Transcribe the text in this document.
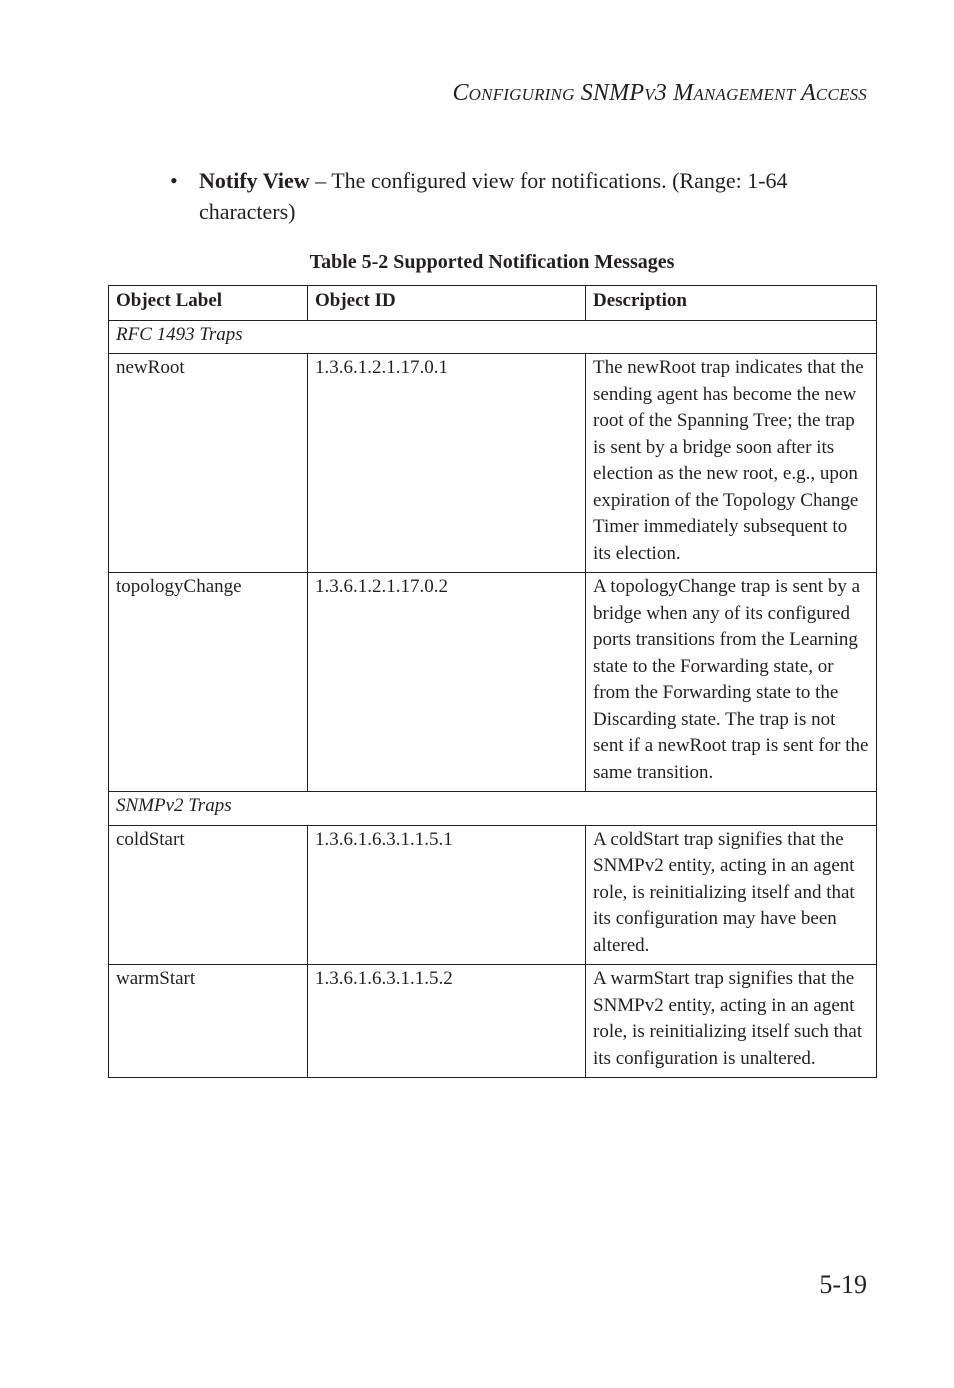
Configuring SNMPv3 Management Access
• Notify View – The configured view for notifications. (Range: 1-64 characters)
Table 5-2 Supported Notification Messages
Object Label	Object ID	Description
RFC 1493 Traps		
newRoot	1.3.6.1.2.1.17.0.1	The newRoot trap indicates that the sending agent has become the new root of the Spanning Tree; the trap is sent by a bridge soon after its election as the new root, e.g., upon expiration of the Topology Change Timer immediately subsequent to its election.
topologyChange	1.3.6.1.2.1.17.0.2	A topologyChange trap is sent by a bridge when any of its configured ports transitions from the Learning state to the Forwarding state, or from the Forwarding state to the Discarding state. The trap is not sent if a newRoot trap is sent for the same transition.
SNMPv2 Traps		
coldStart	1.3.6.1.6.3.1.1.5.1	A coldStart trap signifies that the SNMPv2 entity, acting in an agent role, is reinitializing itself and that its configuration may have been altered.
warmStart	1.3.6.1.6.3.1.1.5.2	A warmStart trap signifies that the SNMPv2 entity, acting in an agent role, is reinitializing itself such that its configuration is unaltered.
5-19
